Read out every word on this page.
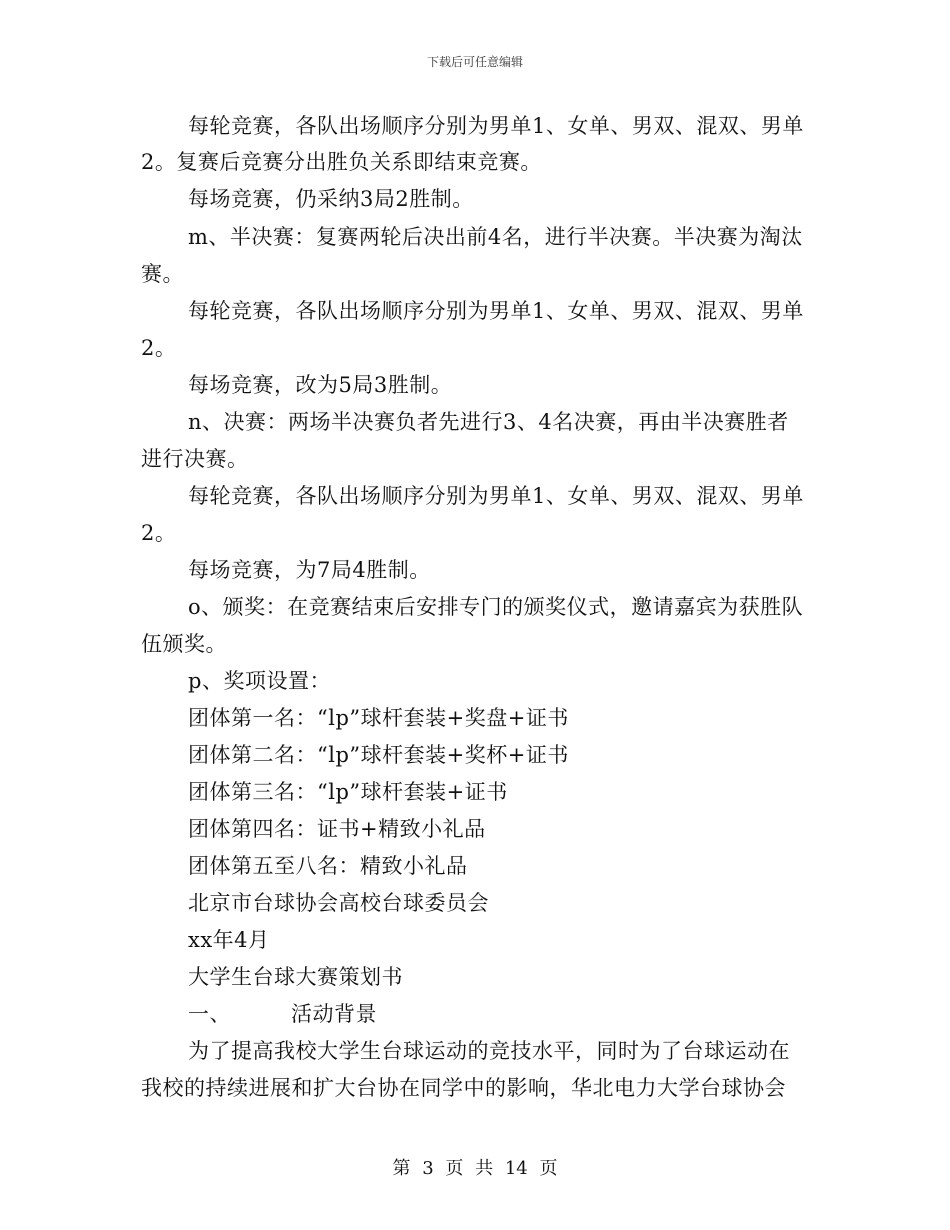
下载后可任意编辑
每轮竞赛，各队出场顺序分别为男单1、女单、男双、混双、男单
2。复赛后竞赛分出胜负关系即结束竞赛。
每场竞赛，仍采纳3局2胜制。
m、半决赛：复赛两轮后决出前4名，进行半决赛。半决赛为淘汰
赛。
每轮竞赛，各队出场顺序分别为男单1、女单、男双、混双、男单
2。
每场竞赛，改为5局3胜制。
n、决赛：两场半决赛负者先进行3、4名决赛，再由半决赛胜者
进行决赛。
每轮竞赛，各队出场顺序分别为男单1、女单、男双、混双、男单
2。
每场竞赛，为7局4胜制。
o、颁奖：在竞赛结束后安排专门的颁奖仪式，邀请嘉宾为获胜队
伍颁奖。
p、奖项设置：
团体第一名：“lp”球杆套装+奖盘+证书
团体第二名：“lp”球杆套装+奖杯+证书
团体第三名：“lp”球杆套装+证书
团体第四名：证书+精致小礼品
团体第五至八名：精致小礼品
北京市台球协会高校台球委员会
xx年4月
大学生台球大赛策划书
一、	活动背景
为了提高我校大学生台球运动的竞技水平，同时为了台球运动在
我校的持续进展和扩大台协在同学中的影响，华北电力大学台球协会
第 3 页 共 14 页
